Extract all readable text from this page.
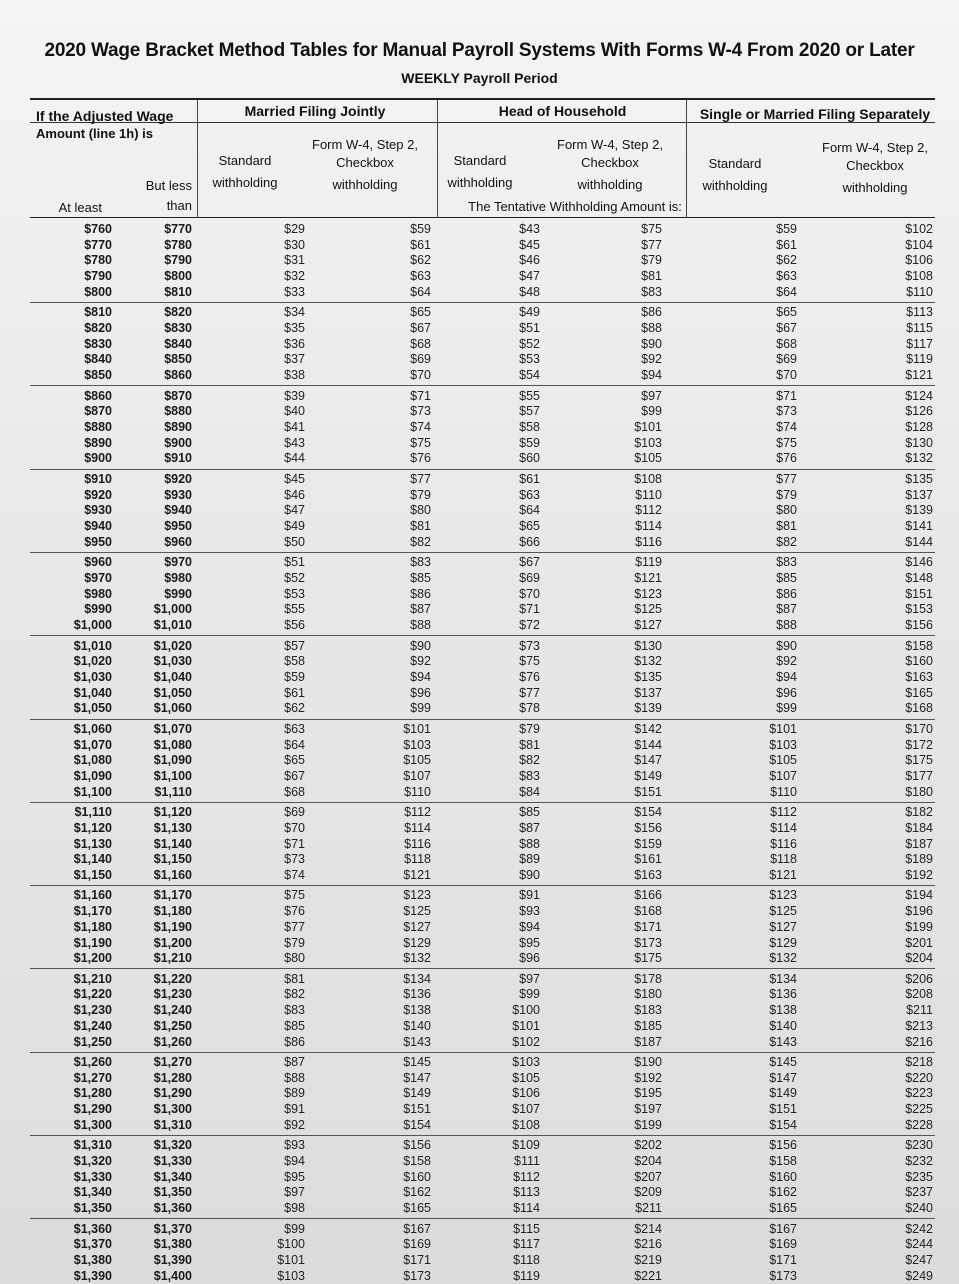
2020 Wage Bracket Method Tables for Manual Payroll Systems With Forms W-4 From 2020 or Later
WEEKLY Payroll Period
If the Adjusted Wage
Amount (line 1h) is
Married Filing Jointly	Head of Household	Single or Married Filing Separately
Standard
withholding
Form W-4, Step 2,
Checkbox
withholding
Standard
withholding
Form W-4, Step 2,
Checkbox
withholding
Standard
withholding
Form W-4, Step 2,
Checkbox
withholding
But less
than
At least	The Tentative Withholding Amount is:
$760	$770	$29	$59	$43	$75	$59	$102
$770	$780	$30	$61	$45	$77	$61	$104
$780	$790	$31	$62	$46	$79	$62	$106
$790	$800	$32	$63	$47	$81	$63	$108
$800	$810	$33	$64	$48	$83	$64	$110
$810	$820	$34	$65	$49	$86	$65	$113
$820	$830	$35	$67	$51	$88	$67	$115
$830	$840	$36	$68	$52	$90	$68	$117
$840	$850	$37	$69	$53	$92	$69	$119
$850	$860	$38	$70	$54	$94	$70	$121
$860	$870	$39	$71	$55	$97	$71	$124
$870	$880	$40	$73	$57	$99	$73	$126
$880	$890	$41	$74	$58	$101	$74	$128
$890	$900	$43	$75	$59	$103	$75	$130
$900	$910	$44	$76	$60	$105	$76	$132
$910	$920	$45	$77	$61	$108	$77	$135
$920	$930	$46	$79	$63	$110	$79	$137
$930	$940	$47	$80	$64	$112	$80	$139
$940	$950	$49	$81	$65	$114	$81	$141
$950	$960	$50	$82	$66	$116	$82	$144
$960	$970	$51	$83	$67	$119	$83	$146
$970	$980	$52	$85	$69	$121	$85	$148
$980	$990	$53	$86	$70	$123	$86	$151
$990	$1,000	$55	$87	$71	$125	$87	$153
$1,000	$1,010	$56	$88	$72	$127	$88	$156
$1,010	$1,020	$57	$90	$73	$130	$90	$158
$1,020	$1,030	$58	$92	$75	$132	$92	$160
$1,030	$1,040	$59	$94	$76	$135	$94	$163
$1,040	$1,050	$61	$96	$77	$137	$96	$165
$1,050	$1,060	$62	$99	$78	$139	$99	$168
$1,060	$1,070	$63	$101	$79	$142	$101	$170
$1,070	$1,080	$64	$103	$81	$144	$103	$172
$1,080	$1,090	$65	$105	$82	$147	$105	$175
$1,090	$1,100	$67	$107	$83	$149	$107	$177
$1,100	$1,110	$68	$110	$84	$151	$110	$180
$1,110	$1,120	$69	$112	$85	$154	$112	$182
$1,120	$1,130	$70	$114	$87	$156	$114	$184
$1,130	$1,140	$71	$116	$88	$159	$116	$187
$1,140	$1,150	$73	$118	$89	$161	$118	$189
$1,150	$1,160	$74	$121	$90	$163	$121	$192
$1,160	$1,170	$75	$123	$91	$166	$123	$194
$1,170	$1,180	$76	$125	$93	$168	$125	$196
$1,180	$1,190	$77	$127	$94	$171	$127	$199
$1,190	$1,200	$79	$129	$95	$173	$129	$201
$1,200	$1,210	$80	$132	$96	$175	$132	$204
$1,210	$1,220	$81	$134	$97	$178	$134	$206
$1,220	$1,230	$82	$136	$99	$180	$136	$208
$1,230	$1,240	$83	$138	$100	$183	$138	$211
$1,240	$1,250	$85	$140	$101	$185	$140	$213
$1,250	$1,260	$86	$143	$102	$187	$143	$216
$1,260	$1,270	$87	$145	$103	$190	$145	$218
$1,270	$1,280	$88	$147	$105	$192	$147	$220
$1,280	$1,290	$89	$149	$106	$195	$149	$223
$1,290	$1,300	$91	$151	$107	$197	$151	$225
$1,300	$1,310	$92	$154	$108	$199	$154	$228
$1,310	$1,320	$93	$156	$109	$202	$156	$230
$1,320	$1,330	$94	$158	$111	$204	$158	$232
$1,330	$1,340	$95	$160	$112	$207	$160	$235
$1,340	$1,350	$97	$162	$113	$209	$162	$237
$1,350	$1,360	$98	$165	$114	$211	$165	$240
$1,360	$1,370	$99	$167	$115	$214	$167	$242
$1,370	$1,380	$100	$169	$117	$216	$169	$244
$1,380	$1,390	$101	$171	$118	$219	$171	$247
$1,390	$1,400	$103	$173	$119	$221	$173	$249
